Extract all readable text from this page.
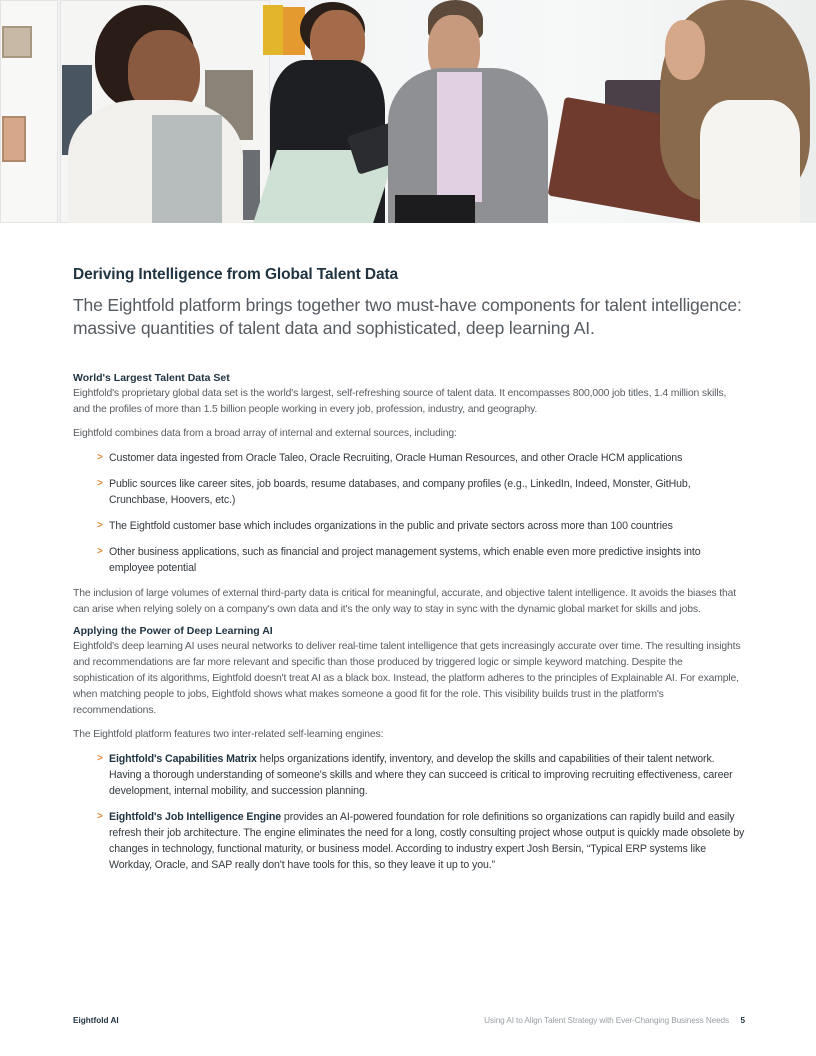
Deriving Intelligence from Global Talent Data

The Eightfold platform brings together two must-have components for talent intelligence: massive quantities of talent data and sophisticated, deep learning AI.

World's Largest Talent Data Set

Eightfold's proprietary global data set is the world's largest, self-refreshing source of talent data. It encompasses 800,000 job titles, 1.4 million skills, and the profiles of more than 1.5 billion people working in every job, profession, industry, and geography.

Eightfold combines data from a broad array of internal and external sources, including:

> Customer data ingested from Oracle Taleo, Oracle Recruiting, Oracle Human Resources, and other Oracle HCM applications
> Public sources like career sites, job boards, resume databases, and company profiles (e.g., LinkedIn, Indeed, Monster, GitHub, Crunchbase, Hoovers, etc.)
> The Eightfold customer base which includes organizations in the public and private sectors across more than 100 countries
> Other business applications, such as financial and project management systems, which enable even more predictive insights into employee potential

The inclusion of large volumes of external third-party data is critical for meaningful, accurate, and objective talent intelligence. It avoids the biases that can arise when relying solely on a company's own data and it's the only way to stay in sync with the dynamic global market for skills and jobs.

Applying the Power of Deep Learning AI

Eightfold's deep learning AI uses neural networks to deliver real-time talent intelligence that gets increasingly accurate over time. The resulting insights and recommendations are far more relevant and specific than those produced by triggered logic or simple keyword matching. Despite the sophistication of its algorithms, Eightfold doesn't treat AI as a black box. Instead, the platform adheres to the principles of Explainable AI. For example, when matching people to jobs, Eightfold shows what makes someone a good fit for the role. This visibility builds trust in the platform's recommendations.

The Eightfold platform features two inter-related self-learning engines:

> Eightfold's Capabilities Matrix helps organizations identify, inventory, and develop the skills and capabilities of their talent network. Having a thorough understanding of someone's skills and where they can succeed is critical to improving recruiting effectiveness, career development, internal mobility, and succession planning.
> Eightfold's Job Intelligence Engine provides an AI-powered foundation for role definitions so organizations can rapidly build and easily refresh their job architecture. The engine eliminates the need for a long, costly consulting project whose output is quickly made obsolete by changes in technology, functional maturity, or business model. According to industry expert Josh Bersin, “Typical ERP systems like Workday, Oracle, and SAP really don't have tools for this, so they leave it up to you.”
Eightfold AI	Using AI to Align Talent Strategy with Ever-Changing Business Needs 5
